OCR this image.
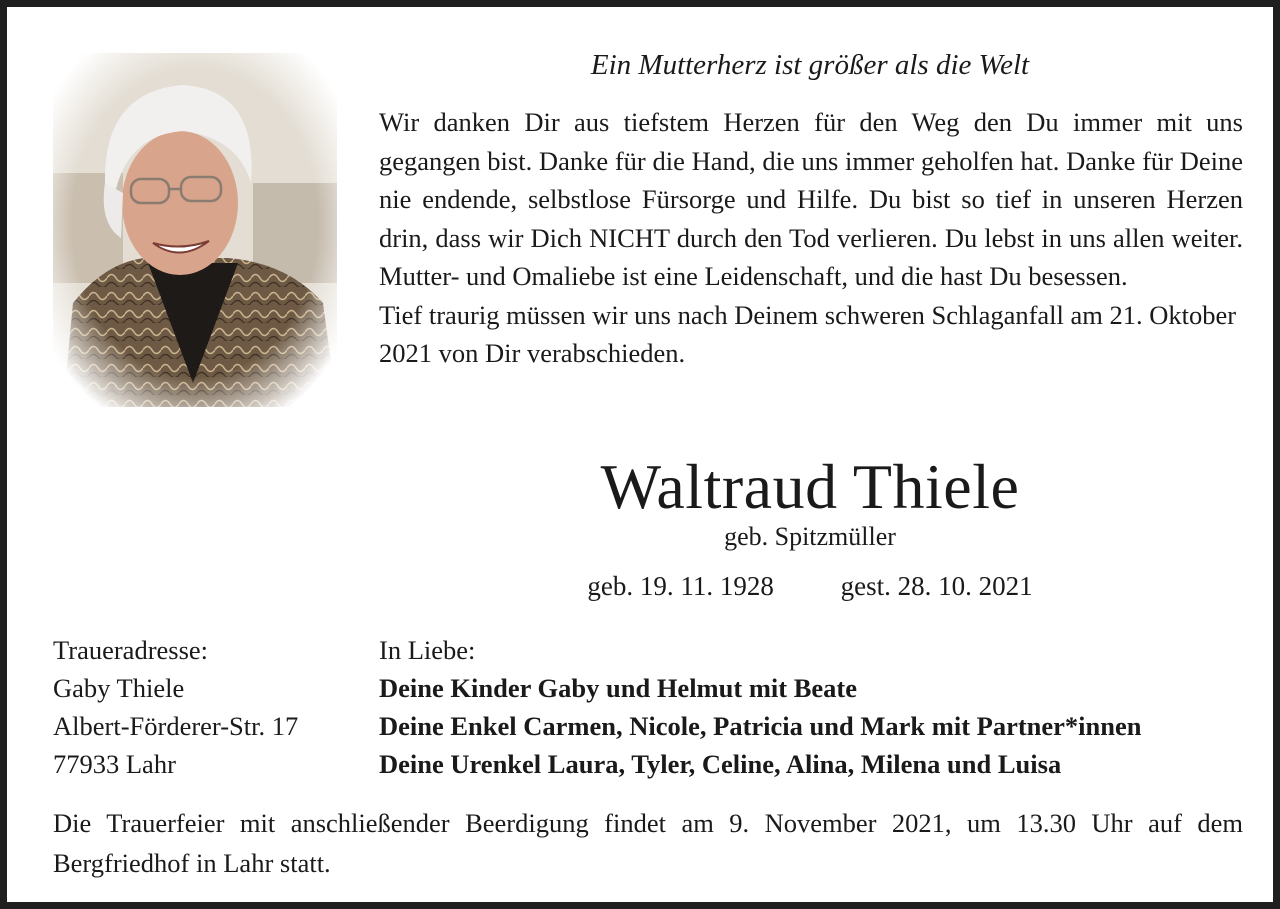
Ein Mutterherz ist größer als die Welt

Wir danken Dir aus tiefstem Herzen für den Weg den Du immer mit uns gegangen bist. Danke für die Hand, die uns immer geholfen hat. Danke für Deine nie endende, selbstlose Fürsorge und Hilfe. Du bist so tief in unseren Herzen drin, dass wir Dich NICHT durch den Tod verlieren. Du lebst in uns allen weiter. Mutter- und Omaliebe ist eine Leidenschaft, und die hast Du besessen.

Tief traurig müssen wir uns nach Deinem schweren Schlaganfall am 21. Oktober 2021 von Dir verabschieden.

Waltraud Thiele
geb. Spitzmüller
geb. 19. 11. 1928 gest. 28. 10. 2021
Traueradresse:
Gaby Thiele
Albert-Förderer-Str. 17
77933 Lahr
In Liebe:
Deine Kinder Gaby und Helmut mit Beate
Deine Enkel Carmen, Nicole, Patricia und Mark mit Partner*innen
Deine Urenkel Laura, Tyler, Celine, Alina, Milena und Luisa

Die Trauerfeier mit anschließender Beerdigung findet am 9. November 2021, um 13.30 Uhr auf dem Bergfriedhof in Lahr statt.
